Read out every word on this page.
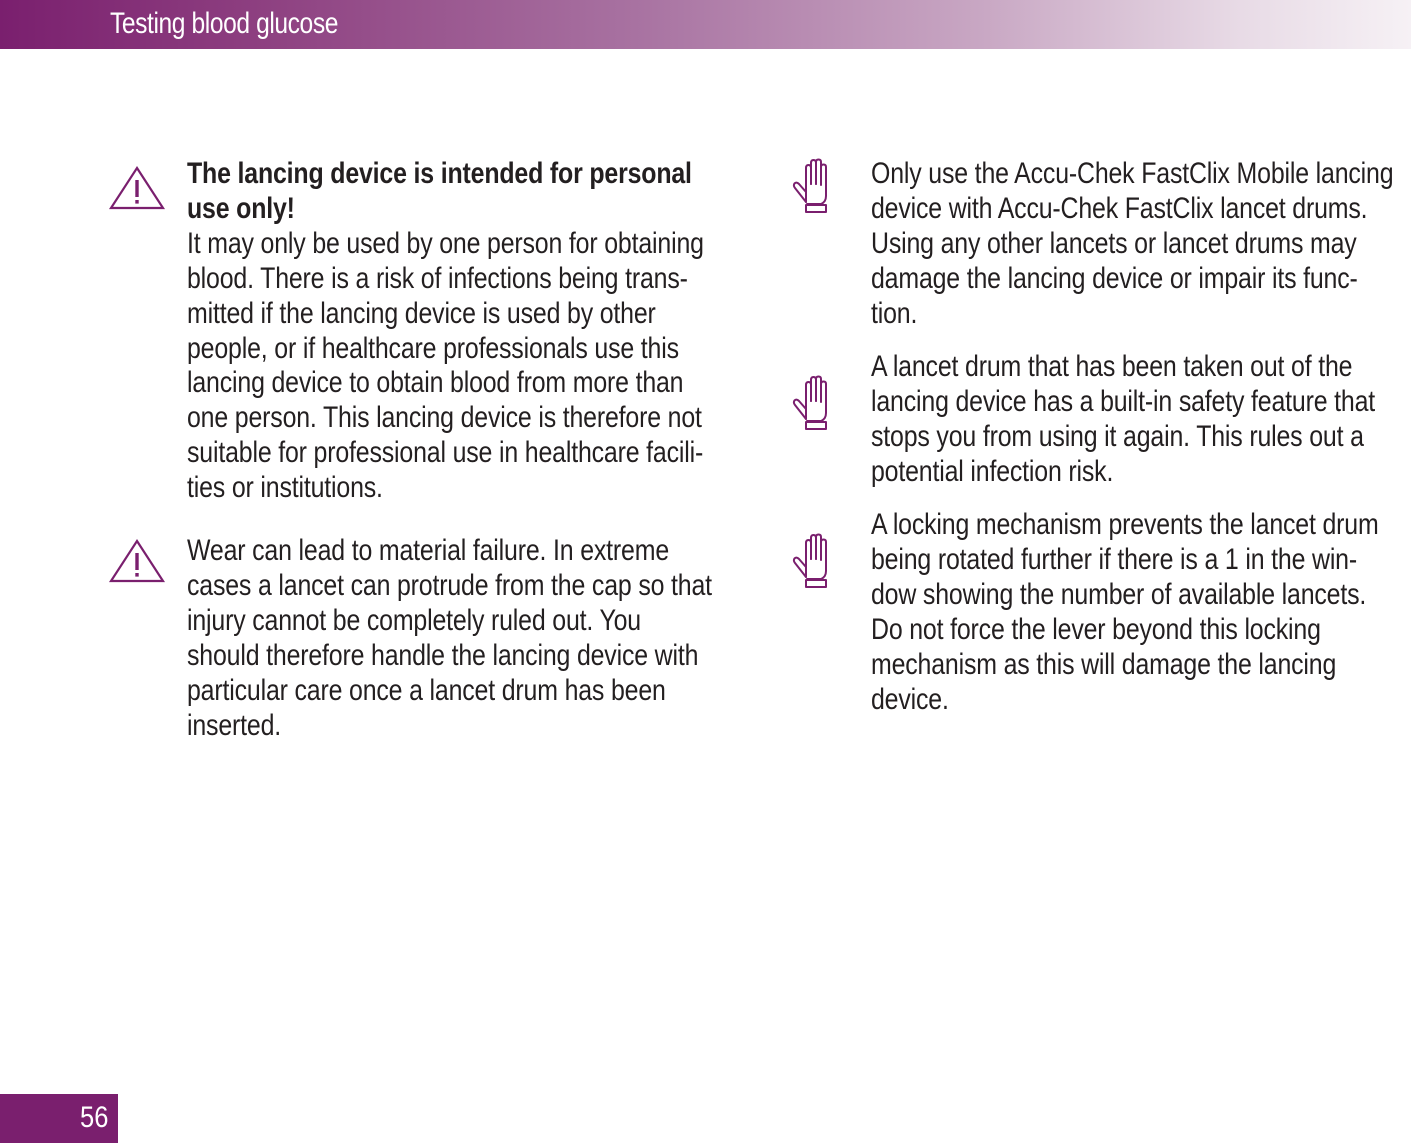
Testing blood glucose
The lancing device is intended for personal
use only!
It may only be used by one person for obtaining
blood. There is a risk of infections being trans-
mitted if the lancing device is used by other
people, or if healthcare professionals use this
lancing device to obtain blood from more than
one person. This lancing device is therefore not
suitable for professional use in healthcare facili-
ties or institutions.
Wear can lead to material failure. In extreme
cases a lancet can protrude from the cap so that
injury cannot be completely ruled out. You
should therefore handle the lancing device with
particular care once a lancet drum has been
inserted.
Only use the Accu-Chek FastClix Mobile lancing
device with Accu-Chek FastClix lancet drums.
Using any other lancets or lancet drums may
damage the lancing device or impair its func-
tion.
A lancet drum that has been taken out of the
lancing device has a built-in safety feature that
stops you from using it again. This rules out a
potential infection risk.
A locking mechanism prevents the lancet drum
being rotated further if there is a 1 in the win-
dow showing the number of available lancets.
Do not force the lever beyond this locking
mechanism as this will damage the lancing
device.
56
